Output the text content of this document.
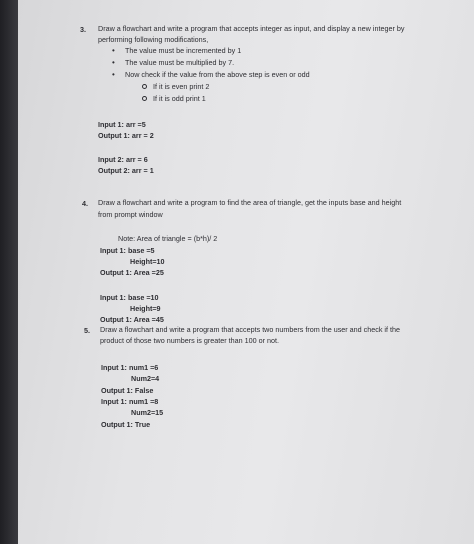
3. Draw a flowchart and write a program that accepts integer as input, and display a new integer by
performing following modifications,
• The value must be incremented by 1
• The value must be multiplied by 7.
• Now check if the value from the above step is even or odd
If it is even print 2
If it is odd print 1
Input 1: arr =5
Output 1: arr = 2
Input 2: arr = 6
Output 2: arr = 1
4. Draw a flowchart and write a program to find the area of triangle, get the inputs base and height
from prompt window
Note: Area of triangle = (b*h)/ 2
Input 1: base =5
Height=10
Output 1: Area =25
Input 1: base =10
Height=9
Output 1: Area =45
5. Draw a flowchart and write a program that accepts two numbers from the user and check if the
product of those two numbers is greater than 100 or not.
Input 1: num1 =6
Num2=4
Output 1: False
Input 1: num1 =8
Num2=15
Output 1: True
